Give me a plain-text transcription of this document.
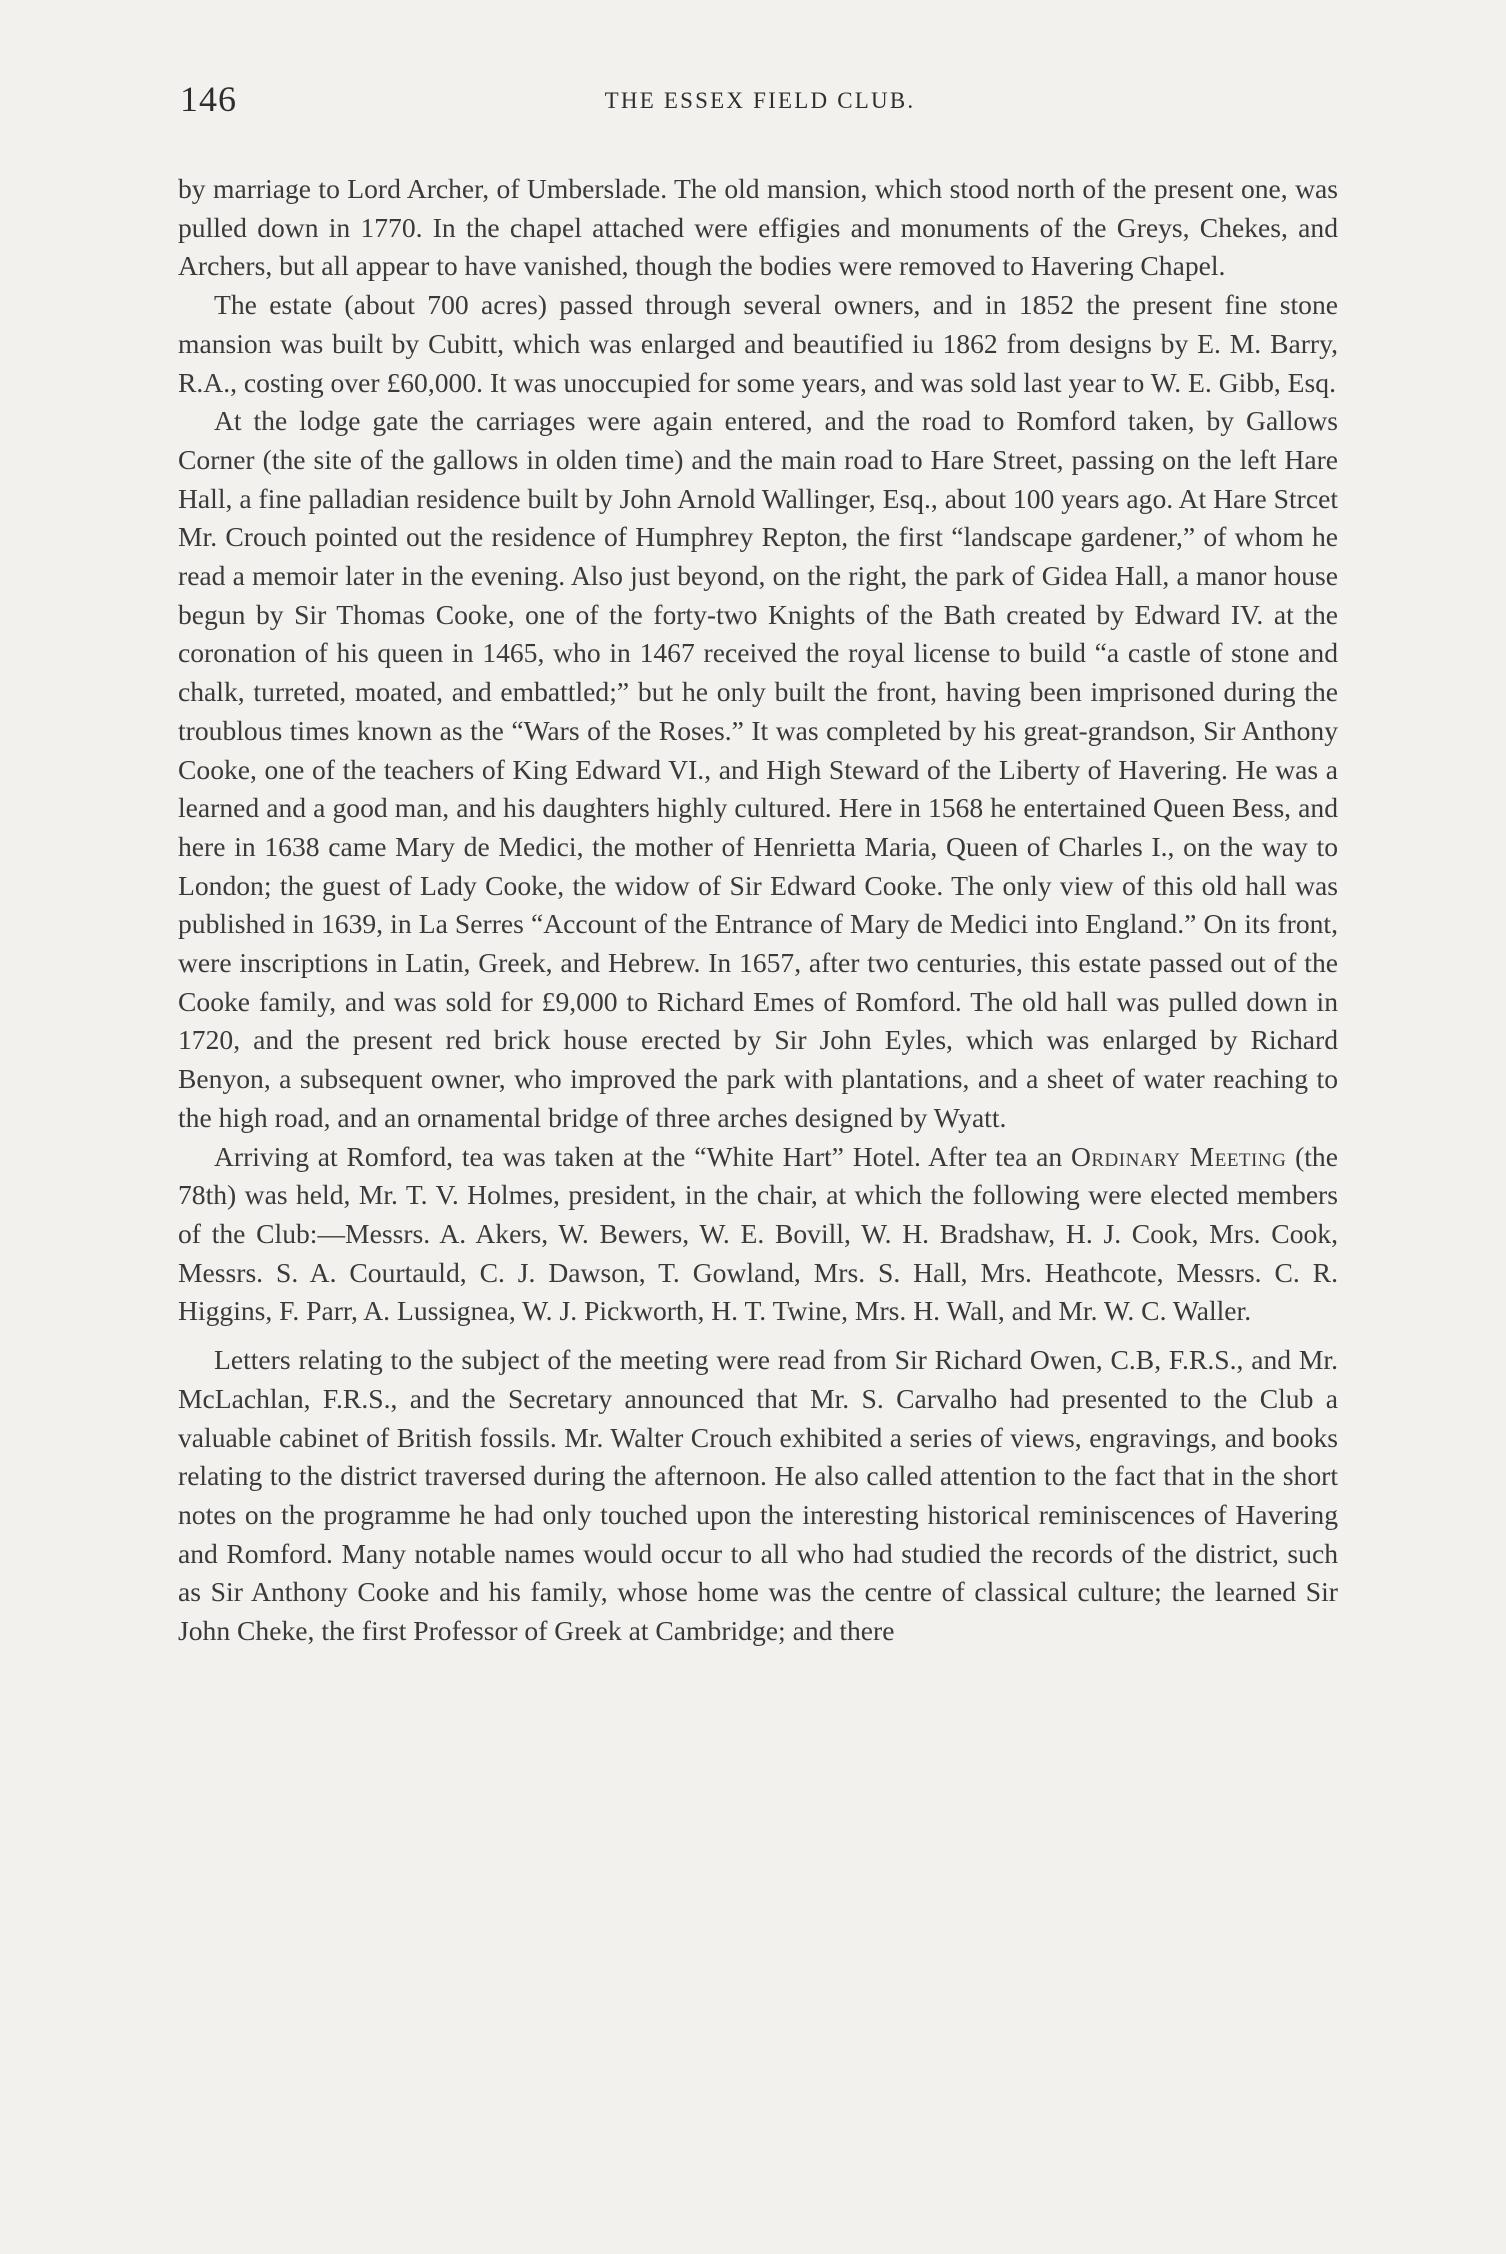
146	THE ESSEX FIELD CLUB.

by marriage to Lord Archer, of Umberslade. The old mansion, which stood north of the present one, was pulled down in 1770. In the chapel attached were effigies and monuments of the Greys, Chekes, and Archers, but all appear to have vanished, though the bodies were removed to Havering Chapel.

The estate (about 700 acres) passed through several owners, and in 1852 the present fine stone mansion was built by Cubitt, which was enlarged and beautified iu 1862 from designs by E. M. Barry, R.A., costing over £60,000. It was unoccupied for some years, and was sold last year to W. E. Gibb, Esq.

At the lodge gate the carriages were again entered, and the road to Romford taken, by Gallows Corner (the site of the gallows in olden time) and the main road to Hare Street, passing on the left Hare Hall, a fine palladian residence built by John Arnold Wallinger, Esq., about 100 years ago. At Hare Strcet Mr. Crouch pointed out the residence of Humphrey Repton, the first “landscape gardener,” of whom he read a memoir later in the evening. Also just beyond, on the right, the park of Gidea Hall, a manor house begun by Sir Thomas Cooke, one of the forty-two Knights of the Bath created by Edward IV. at the coronation of his queen in 1465, who in 1467 received the royal license to build “a castle of stone and chalk, turreted, moated, and embattled;” but he only built the front, having been imprisoned during the troublous times known as the “Wars of the Roses.” It was completed by his great-grandson, Sir Anthony Cooke, one of the teachers of King Edward VI., and High Steward of the Liberty of Havering. He was a learned and a good man, and his daughters highly cultured. Here in 1568 he entertained Queen Bess, and here in 1638 came Mary de Medici, the mother of Henrietta Maria, Queen of Charles I., on the way to London; the guest of Lady Cooke, the widow of Sir Edward Cooke. The only view of this old hall was published in 1639, in La Serres “Account of the Entrance of Mary de Medici into England.” On its front, were inscriptions in Latin, Greek, and Hebrew. In 1657, after two centuries, this estate passed out of the Cooke family, and was sold for £9,000 to Richard Emes of Romford. The old hall was pulled down in 1720, and the present red brick house erected by Sir John Eyles, which was enlarged by Richard Benyon, a subsequent owner, who improved the park with plantations, and a sheet of water reaching to the high road, and an ornamental bridge of three arches designed by Wyatt.

Arriving at Romford, tea was taken at the “White Hart” Hotel. After tea an Ordinary Meeting (the 78th) was held, Mr. T. V. Holmes, president, in the chair, at which the following were elected members of the Club:—Messrs. A. Akers, W. Bewers, W. E. Bovill, W. H. Bradshaw, H. J. Cook, Mrs. Cook, Messrs. S. A. Courtauld, C. J. Dawson, T. Gowland, Mrs. S. Hall, Mrs. Heathcote, Messrs. C. R. Higgins, F. Parr, A. Lussignea, W. J. Pickworth, H. T. Twine, Mrs. H. Wall, and Mr. W. C. Waller.

Letters relating to the subject of the meeting were read from Sir Richard Owen, C.B, F.R.S., and Mr. McLachlan, F.R.S., and the Secretary announced that Mr. S. Carvalho had presented to the Club a valuable cabinet of British fossils. Mr. Walter Crouch exhibited a series of views, engravings, and books relating to the district traversed during the afternoon. He also called attention to the fact that in the short notes on the programme he had only touched upon the interesting historical reminiscences of Havering and Romford. Many notable names would occur to all who had studied the records of the district, such as Sir Anthony Cooke and his family, whose home was the centre of classical culture; the learned Sir John Cheke, the first Professor of Greek at Cambridge; and there
